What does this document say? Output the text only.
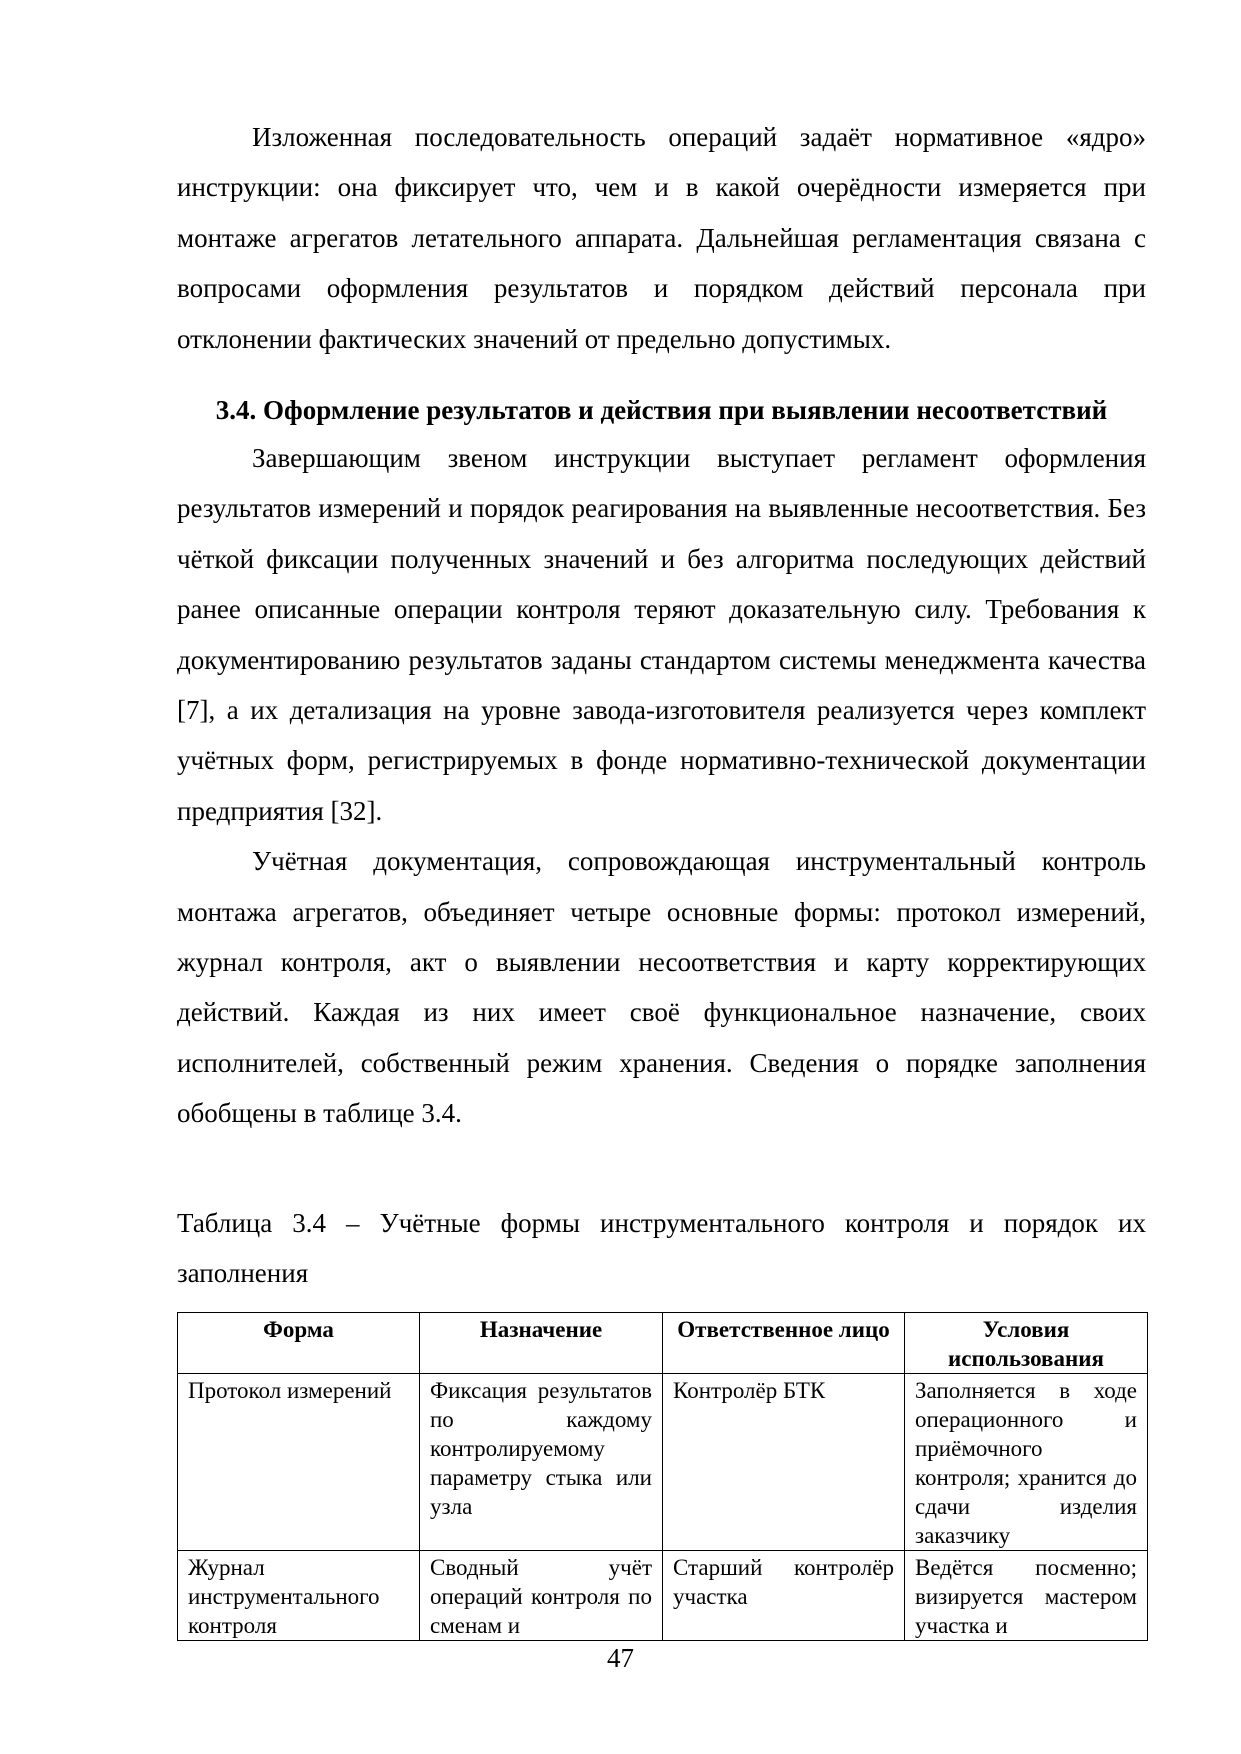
Изложенная последовательность операций задаёт нормативное «ядро» инструкции: она фиксирует что, чем и в какой очерёдности измеряется при монтаже агрегатов летательного аппарата. Дальнейшая регламентация связана с вопросами оформления результатов и порядком действий персонала при отклонении фактических значений от предельно допустимых.

3.4. Оформление результатов и действия при выявлении несоответствий

Завершающим звеном инструкции выступает регламент оформления результатов измерений и порядок реагирования на выявленные несоответствия. Без чёткой фиксации полученных значений и без алгоритма последующих действий ранее описанные операции контроля теряют доказательную силу. Требования к документированию результатов заданы стандартом системы менеджмента качества [7], а их детализация на уровне завода-изготовителя реализуется через комплект учётных форм, регистрируемых в фонде нормативно-технической документации предприятия [32].

Учётная документация, сопровождающая инструментальный контроль монтажа агрегатов, объединяет четыре основные формы: протокол измерений, журнал контроля, акт о выявлении несоответствия и карту корректирующих действий. Каждая из них имеет своё функциональное назначение, своих исполнителей, собственный режим хранения. Сведения о порядке заполнения обобщены в таблице 3.4.

Таблица 3.4 – Учётные формы инструментального контроля и порядок их заполнения

Форма	Назначение	Ответственное лицо	Условия использования
Протокол измерений	Фиксация результатов по каждому контролируемому параметру стыка или узла	Контролёр БТК	Заполняется в ходе операционного и приёмочного контроля; хранится до сдачи изделия заказчику
Журнал инструментального контроля	Сводный учёт операций контроля по сменам и	Старший контролёр участка	Ведётся посменно; визируется мастером участка и
47
